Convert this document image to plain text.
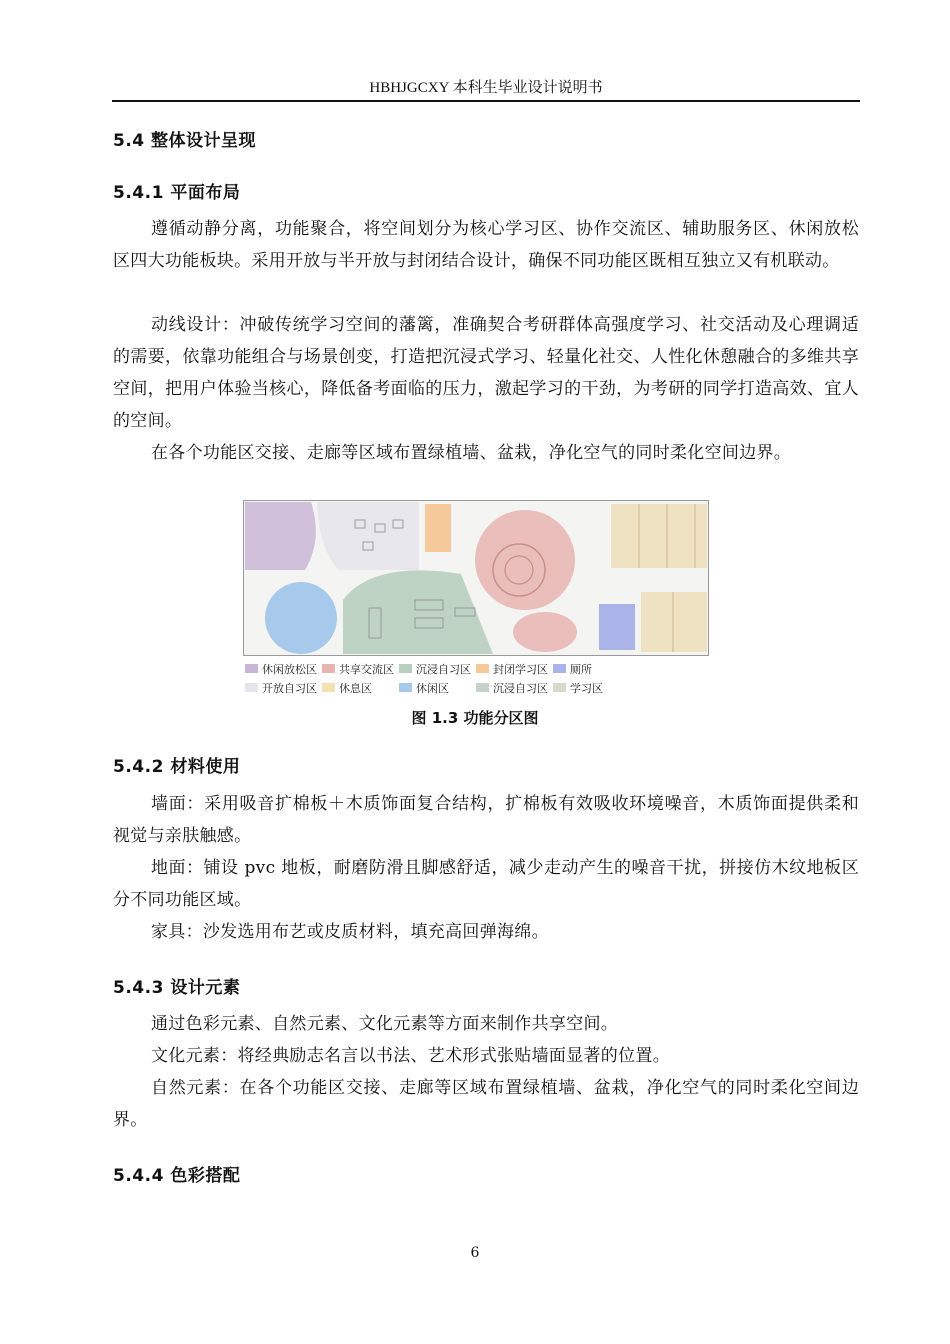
HBHJGCXY 本科生毕业设计说明书
5.4 整体设计呈现
5.4.1 平面布局
遵循动静分离，功能聚合，将空间划分为核心学习区、协作交流区、辅助服务区、休闲放松区四大功能板块。采用开放与半开放与封闭结合设计，确保不同功能区既相互独立又有机联动。
动线设计：冲破传统学习空间的藩篱，准确契合考研群体高强度学习、社交活动及心理调适的需要，依靠功能组合与场景创变，打造把沉浸式学习、轻量化社交、人性化休憩融合的多维共享空间，把用户体验当核心，降低备考面临的压力，激起学习的干劲，为考研的同学打造高效、宜人的空间。
在各个功能区交接、走廊等区域布置绿植墙、盆栽，净化空气的同时柔化空间边界。
休闲放松区 共享交流区 沉浸自习区 封闭学习区 厕所
开放自习区 休息区	休闲区	沉浸自习区 学习区
图 1.3 功能分区图
5.4.2 材料使用
墙面：采用吸音扩棉板＋木质饰面复合结构，扩棉板有效吸收环境噪音，木质饰面提供柔和视觉与亲肤触感。
地面：铺设 pvc 地板，耐磨防滑且脚感舒适，减少走动产生的噪音干扰，拼接仿木纹地板区分不同功能区域。
家具：沙发选用布艺或皮质材料，填充高回弹海绵。
5.4.3 设计元素
通过色彩元素、自然元素、文化元素等方面来制作共享空间。
文化元素：将经典励志名言以书法、艺术形式张贴墙面显著的位置。
自然元素：在各个功能区交接、走廊等区域布置绿植墙、盆栽，净化空气的同时柔化空间边界。
5.4.4 色彩搭配
6
